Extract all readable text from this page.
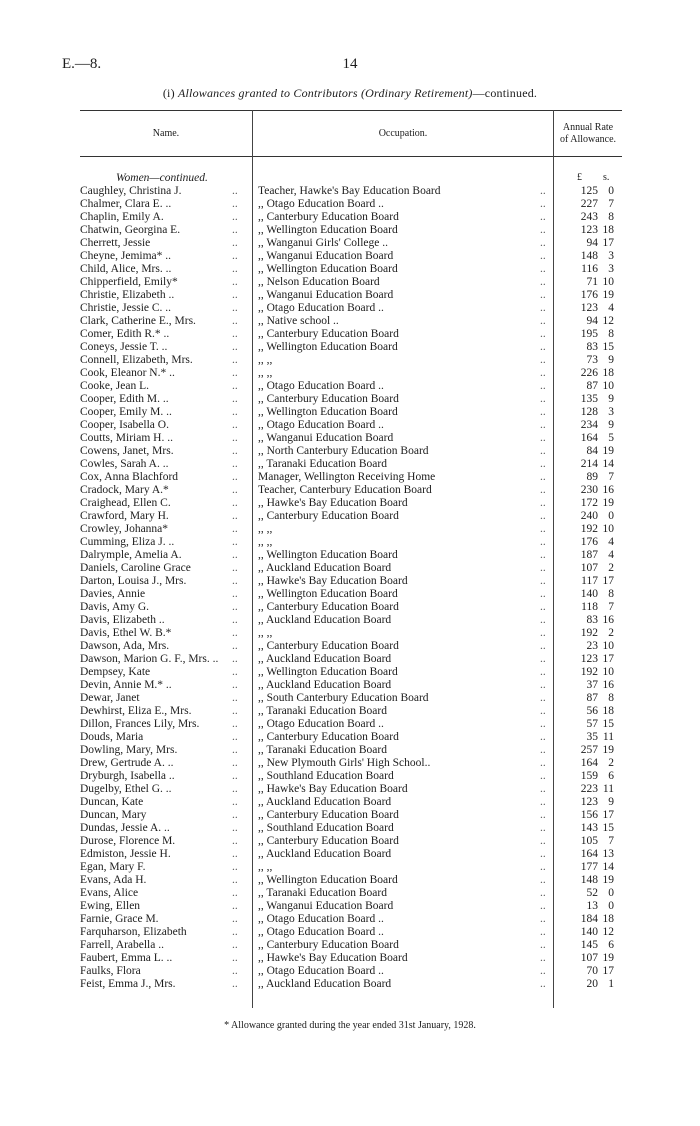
E.—8.	14
(i) Allowances granted to Contributors (Ordinary Retirement)—continued.
Name.	Occupation.
Annual Rate
of Allowance.
Women—continued.	£ s.
Caughley, Christina J.	.. Teacher, Hawke's Bay Education Board	..	125 0
Chalmer, Clara E. ..	.. ,, Otago Education Board ..	..	227 7
Chaplin, Emily A.	.. ,, Canterbury Education Board	..	243 8
Chatwin, Georgina E.	.. ,, Wellington Education Board	..	123 18
Cherrett, Jessie	.. ,, Wanganui Girls' College ..	..	94 17
Cheyne, Jemima* ..	.. ,, Wanganui Education Board	..	148 3
Child, Alice, Mrs. ..	.. ,, Wellington Education Board	..	116 3
Chipperfield, Emily*	.. ,, Nelson Education Board	..	71 10
Christie, Elizabeth ..	.. ,, Wanganui Education Board	..	176 19
Christie, Jessie C. ..	.. ,, Otago Education Board ..	..	123 4
Clark, Catherine E., Mrs.	.. ,, Native school ..	..	94 12
Comer, Edith R.* ..	.. ,, Canterbury Education Board	..	195 8
Coneys, Jessie T. ..	.. ,, Wellington Education Board	..	83 15
Connell, Elizabeth, Mrs.	.. ,, ,,	..	73 9
Cook, Eleanor N.* ..	.. ,, ,,	..	226 18
Cooke, Jean L.	.. ,, Otago Education Board ..	..	87 10
Cooper, Edith M. ..	.. ,, Canterbury Education Board	..	135 9
Cooper, Emily M. ..	.. ,, Wellington Education Board	..	128 3
Cooper, Isabella O.	.. ,, Otago Education Board ..	..	234 9
Coutts, Miriam H. ..	.. ,, Wanganui Education Board	..	164 5
Cowens, Janet, Mrs.	.. ,, North Canterbury Education Board	..	84 19
Cowles, Sarah A. ..	.. ,, Taranaki Education Board	..	214 14
Cox, Anna Blachford	.. Manager, Wellington Receiving Home	..	89 7
Cradock, Mary A.*	.. Teacher, Canterbury Education Board	..	230 16
Craighead, Ellen C.	.. ,, Hawke's Bay Education Board	..	172 19
Crawford, Mary H.	.. ,, Canterbury Education Board	..	240 0
Crowley, Johanna*	.. ,, ,,	..	192 10
Cumming, Eliza J. ..	.. ,, ,,	..	176 4
Dalrymple, Amelia A.	.. ,, Wellington Education Board	..	187 4
Daniels, Caroline Grace	.. ,, Auckland Education Board	..	107 2
Darton, Louisa J., Mrs.	.. ,, Hawke's Bay Education Board	..	117 17
Davies, Annie	.. ,, Wellington Education Board	..	140 8
Davis, Amy G.	.. ,, Canterbury Education Board	..	118 7
Davis, Elizabeth ..	.. ,, Auckland Education Board	..	83 16
Davis, Ethel W. B.*	.. ,, ,,	..	192 2
Dawson, Ada, Mrs.	.. ,, Canterbury Education Board	..	23 10
Dawson, Marion G. F., Mrs. .. .. ,, Auckland Education Board	..	123 17
Dempsey, Kate	.. ,, Wellington Education Board	..	192 10
Devin, Annie M.* ..	.. ,, Auckland Education Board	..	37 16
Dewar, Janet	.. ,, South Canterbury Education Board	..	87 8
Dewhirst, Eliza E., Mrs.	.. ,, Taranaki Education Board	..	56 18
Dillon, Frances Lily, Mrs.	.. ,, Otago Education Board ..	..	57 15
Douds, Maria	.. ,, Canterbury Education Board	..	35 11
Dowling, Mary, Mrs.	.. ,, Taranaki Education Board	..	257 19
Drew, Gertrude A. ..	.. ,, New Plymouth Girls' High School..	..	164 2
Dryburgh, Isabella ..	.. ,, Southland Education Board	..	159 6
Dugelby, Ethel G. ..	.. ,, Hawke's Bay Education Board	..	223 11
Duncan, Kate	.. ,, Auckland Education Board	..	123 9
Duncan, Mary	.. ,, Canterbury Education Board	..	156 17
Dundas, Jessie A. ..	.. ,, Southland Education Board	..	143 15
Durose, Florence M.	.. ,, Canterbury Education Board	..	105 7
Edmiston, Jessie H.	.. ,, Auckland Education Board	..	164 13
Egan, Mary F.	.. ,, ,,	..	177 14
Evans, Ada H.	.. ,, Wellington Education Board	..	148 19
Evans, Alice	.. ,, Taranaki Education Board	..	52 0
Ewing, Ellen	.. ,, Wanganui Education Board	..	13 0
Farnie, Grace M.	.. ,, Otago Education Board ..	..	184 18
Farquharson, Elizabeth	.. ,, Otago Education Board ..	..	140 12
Farrell, Arabella ..	.. ,, Canterbury Education Board	..	145 6
Faubert, Emma L. ..	.. ,, Hawke's Bay Education Board	..	107 19
Faulks, Flora	.. ,, Otago Education Board ..	..	70 17
Feist, Emma J., Mrs.	.. ,, Auckland Education Board	..	20 1
* Allowance granted during the year ended 31st January, 1928.
